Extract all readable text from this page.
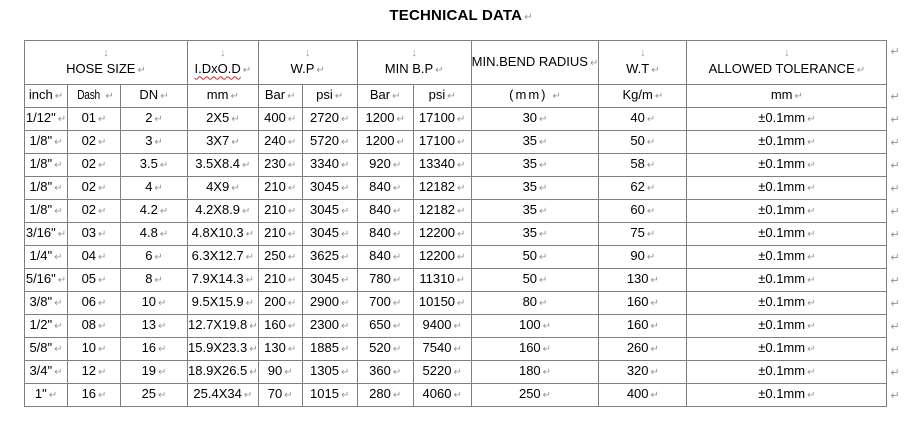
TECHNICAL DATA ↵
↓
HOSE SIZE ↵			↓
I.DxO.D ↵	↓
W.P ↵		↓
MIN B.P ↵		MIN.BEND RADIUS ↵	↓
W.T ↵	↓
ALLOWED TOLERANCE ↵	↵
inch ↵	Dash ↵	DN ↵	mm ↵	Bar ↵	psi ↵	Bar ↵	psi ↵	(mm) ↵	Kg/m ↵	mm ↵	↵
1/12" ↵	01 ↵	2 ↵	2X5 ↵	400 ↵	2720 ↵	1200 ↵	17100 ↵	30 ↵	40 ↵	±0.1mm ↵	↵
1/8" ↵	02 ↵	3 ↵	3X7 ↵	240 ↵	5720 ↵	1200 ↵	17100 ↵	35 ↵	50 ↵	±0.1mm ↵	↵
1/8" ↵	02 ↵	3.5 ↵	3.5X8.4 ↵	230 ↵	3340 ↵	920 ↵	13340 ↵	35 ↵	58 ↵	±0.1mm ↵	↵
1/8" ↵	02 ↵	4 ↵	4X9 ↵	210 ↵	3045 ↵	840 ↵	12182 ↵	35 ↵	62 ↵	±0.1mm ↵	↵
1/8" ↵	02 ↵	4.2 ↵	4.2X8.9 ↵	210 ↵	3045 ↵	840 ↵	12182 ↵	35 ↵	60 ↵	±0.1mm ↵	↵
3/16" ↵	03 ↵	4.8 ↵	4.8X10.3 ↵	210 ↵	3045 ↵	840 ↵	12200 ↵	35 ↵	75 ↵	±0.1mm ↵	↵
1/4" ↵	04 ↵	6 ↵	6.3X12.7 ↵	250 ↵	3625 ↵	840 ↵	12200 ↵	50 ↵	90 ↵	±0.1mm ↵	↵
5/16" ↵	05 ↵	8 ↵	7.9X14.3 ↵	210 ↵	3045 ↵	780 ↵	11310 ↵	50 ↵	130 ↵	±0.1mm ↵	↵
3/8" ↵	06 ↵	10 ↵	9.5X15.9 ↵	200 ↵	2900 ↵	700 ↵	10150 ↵	80 ↵	160 ↵	±0.1mm ↵	↵
1/2" ↵	08 ↵	13 ↵	12.7X19.8 ↵	160 ↵	2300 ↵	650 ↵	9400 ↵	100 ↵	160 ↵	±0.1mm ↵	↵
5/8" ↵	10 ↵	16 ↵	15.9X23.3 ↵	130 ↵	1885 ↵	520 ↵	7540 ↵	160 ↵	260 ↵	±0.1mm ↵	↵
3/4" ↵	12 ↵	19 ↵	18.9X26.5 ↵	90 ↵	1305 ↵	360 ↵	5220 ↵	180 ↵	320 ↵	±0.1mm ↵	↵
1" ↵	16 ↵	25 ↵	25.4X34 ↵	70 ↵	1015 ↵	280 ↵	4060 ↵	250 ↵	400 ↵	±0.1mm ↵	↵
